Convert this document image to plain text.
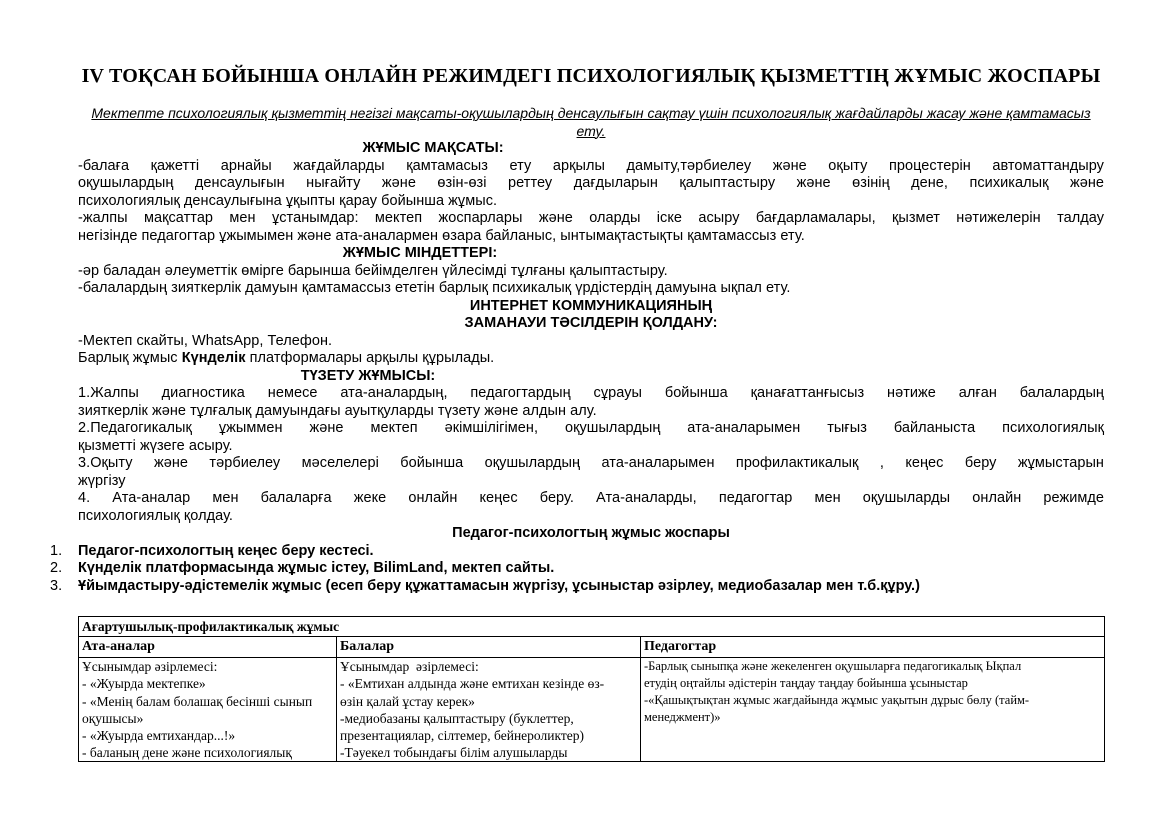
IV ТОҚСАН БОЙЫНША ОНЛАЙН РЕЖИМДЕГІ ПСИХОЛОГИЯЛЫҚ ҚЫЗМЕТТІҢ ЖҰМЫС ЖОСПАРЫ

Мектепте психологиялық қызметтің негізгі мақсаты-оқушылардың денсаулығын сақтау үшін психологиялық жағдайларды жасау және қамтамасыз ету.

ЖҰМЫС МАҚСАТЫ:
-балаға қажетті арнайы жағдайларды қамтамасыз ету арқылы дамыту,тәрбиелеу және оқыту процестерін автоматтандыру
оқушылардың денсаулығын нығайту және өзін-өзі реттеу дағдыларын қалыптастыру және өзінің дене, психикалық және
психологиялық денсаулығына ұқыпты қарау бойынша жұмыс.
-жалпы мақсаттар мен ұстанымдар: мектеп жоспарлары және оларды іске асыру бағдарламалары, қызмет нәтижелерін талдау
негізінде педагогтар ұжымымен және ата-аналармен өзара байланыс, ынтымақтастықты қамтамассыз ету.
ЖҰМЫС МІНДЕТТЕРІ:
-әр баладан әлеуметтік өмірге барынша бейімделген үйлесімді тұлғаны қалыптастыру.
-балалардың зияткерлік дамуын қамтамассыз ететін барлық психикалық үрдістердің дамуына ықпал ету.
ИНТЕРНЕТ КОММУНИКАЦИЯНЫҢ
ЗАМАНАУИ ТӘСІЛДЕРІН ҚОЛДАНУ:
-Мектеп скайты, WhatsApp, Телефон.
Барлық жұмыс Күнделік платформалары арқылы құрылады.
ТҮЗЕТУ ЖҰМЫСЫ:
1.Жалпы диагностика немесе ата-аналардың, педагогтардың сұрауы бойынша қанағаттанғысыз нәтиже алған балалардың
зияткерлік және тұлғалық дамуындағы ауытқуларды түзету және алдын алу.
2.Педагогикалық ұжыммен және мектеп әкімшілігімен, оқушылардың ата-аналарымен тығыз байланыста психологиялық
қызметті жүзеге асыру.
3.Оқыту және тәрбиелеу мәселелері бойынша оқушылардың ата-аналарымен профилактикалық , кеңес беру жұмыстарын
жүргізу
4. Ата-аналар мен балаларға жеке онлайн кеңес беру. Ата-аналарды, педагогтар мен оқушыларды онлайн режимде
психологиялық қолдау.
Педагог-психологтың жұмыс жоспары
1.	Педагог-психологтың кеңес беру кестесі.
2.	Күнделік платформасында жұмыс істеу, BilimLand, мектеп сайты.
3.	Ұйымдастыру-әдістемелік жұмыс (есеп беру құжаттамасын жүргізу, ұсыныстар әзірлеу, медиобазалар мен т.б.құру.)
Ағартушылық-профилактикалық жұмыс		
Ата-аналар	Балалар	Педагогтар

Ұсынымдар әзірлемесі:
- «Жуырда мектепке»
- «Менің балам болашақ бесінші сынып
оқушысы»
- «Жуырда емтихандар...!»
- баланың дене және психологиялық

Ұсынымдар  әзірлемесі:
- «Емтихан алдында және емтихан кезінде өз-
өзін қалай ұстау керек»
-медиобазаны қалыптастыру (буклеттер,
презентациялар, сілтемер, бейнероликтер)
-Тәуекел тобындағы білім алушыларды

-Барлық сыныпқа және жекеленген оқушыларға педагогикалық Ықпал
етудің оңтайлы әдістерін таңдау таңдау бойынша ұсыныстар
-«Қашықтықтан жұмыс жағдайында жұмыс уақытын дұрыс бөлу (тайм-
менеджмент)»
